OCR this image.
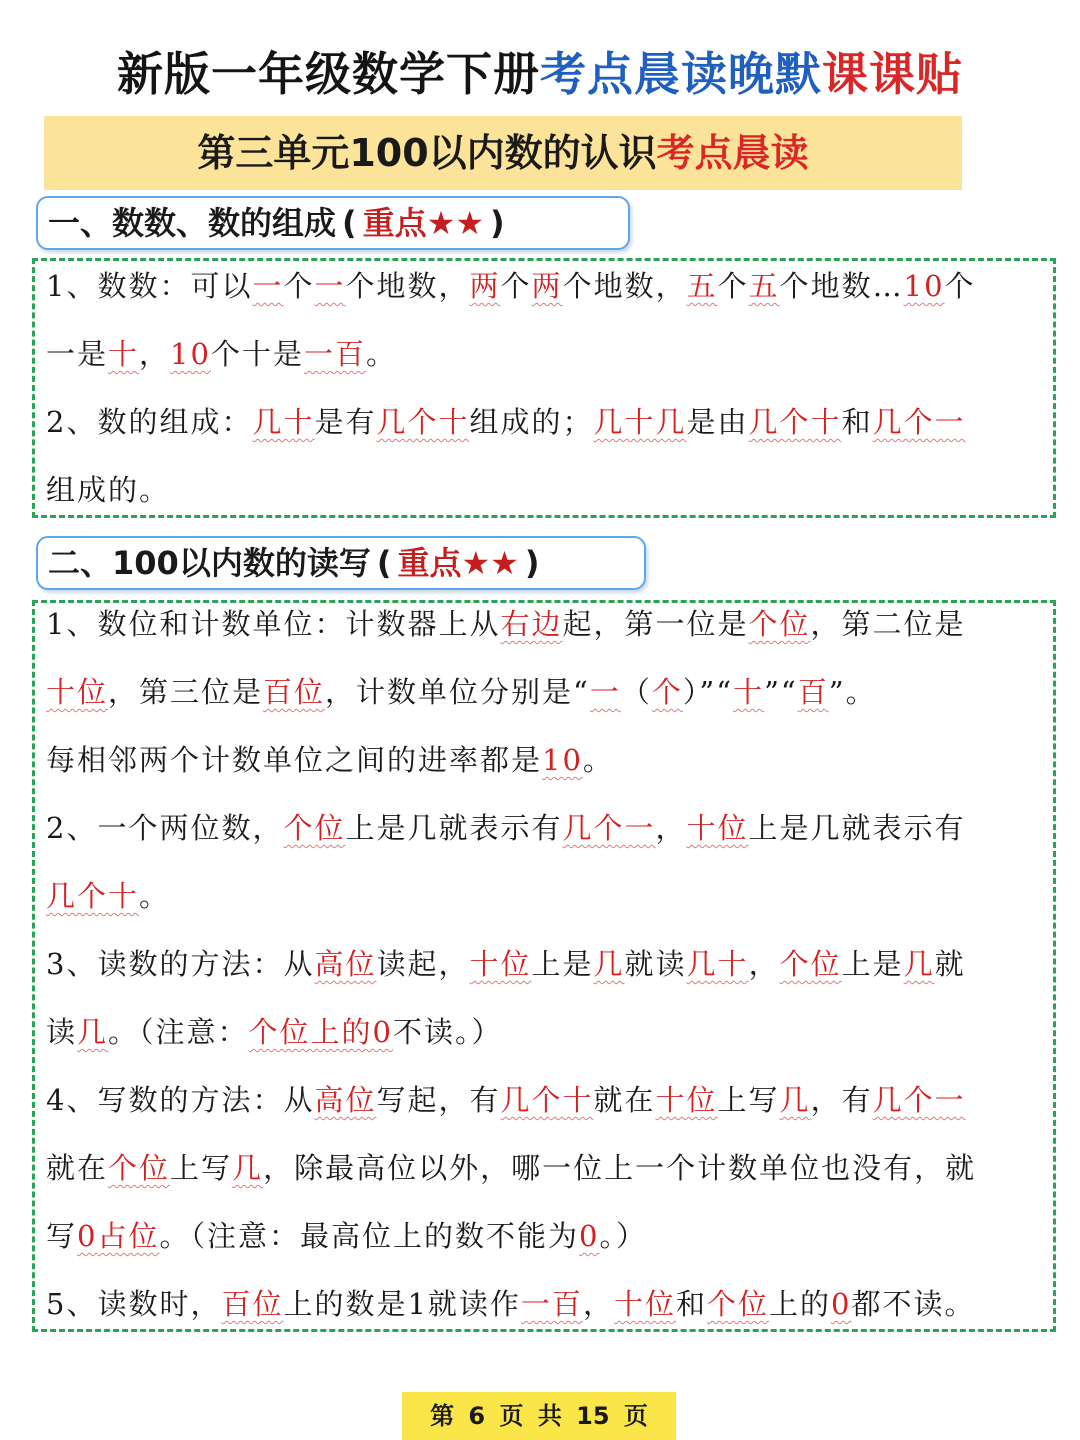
新版一年级数学下册考点晨读晚默课课贴
第三单元100以内数的认识考点晨读
一、数数、数的组成 ( 重点★★ )
1、数数：可以一个一个地数，两个两个地数，五个五个地数…10个
一是十，10个十是一百。
2、数的组成：几十是有几个十组成的；几十几是由几个十和几个一
组成的。
二、100以内数的读写 ( 重点★★ )
1、数位和计数单位：计数器上从右边起，第一位是个位，第二位是
十位，第三位是百位，计数单位分别是“一（个）”“十”“百”。
每相邻两个计数单位之间的进率都是10。
2、一个两位数，个位上是几就表示有几个一，十位上是几就表示有
几个十。
3、读数的方法：从高位读起，十位上是几就读几十，个位上是几就
读几。（注意：个位上的0不读。）
4、写数的方法：从高位写起，有几个十就在十位上写几，有几个一
就在个位上写几，除最高位以外，哪一位上一个计数单位也没有，就
写0占位。（注意：最高位上的数不能为0。）
5、读数时，百位上的数是1就读作一百，十位和个位上的0都不读。
第 6 页 共 15 页
